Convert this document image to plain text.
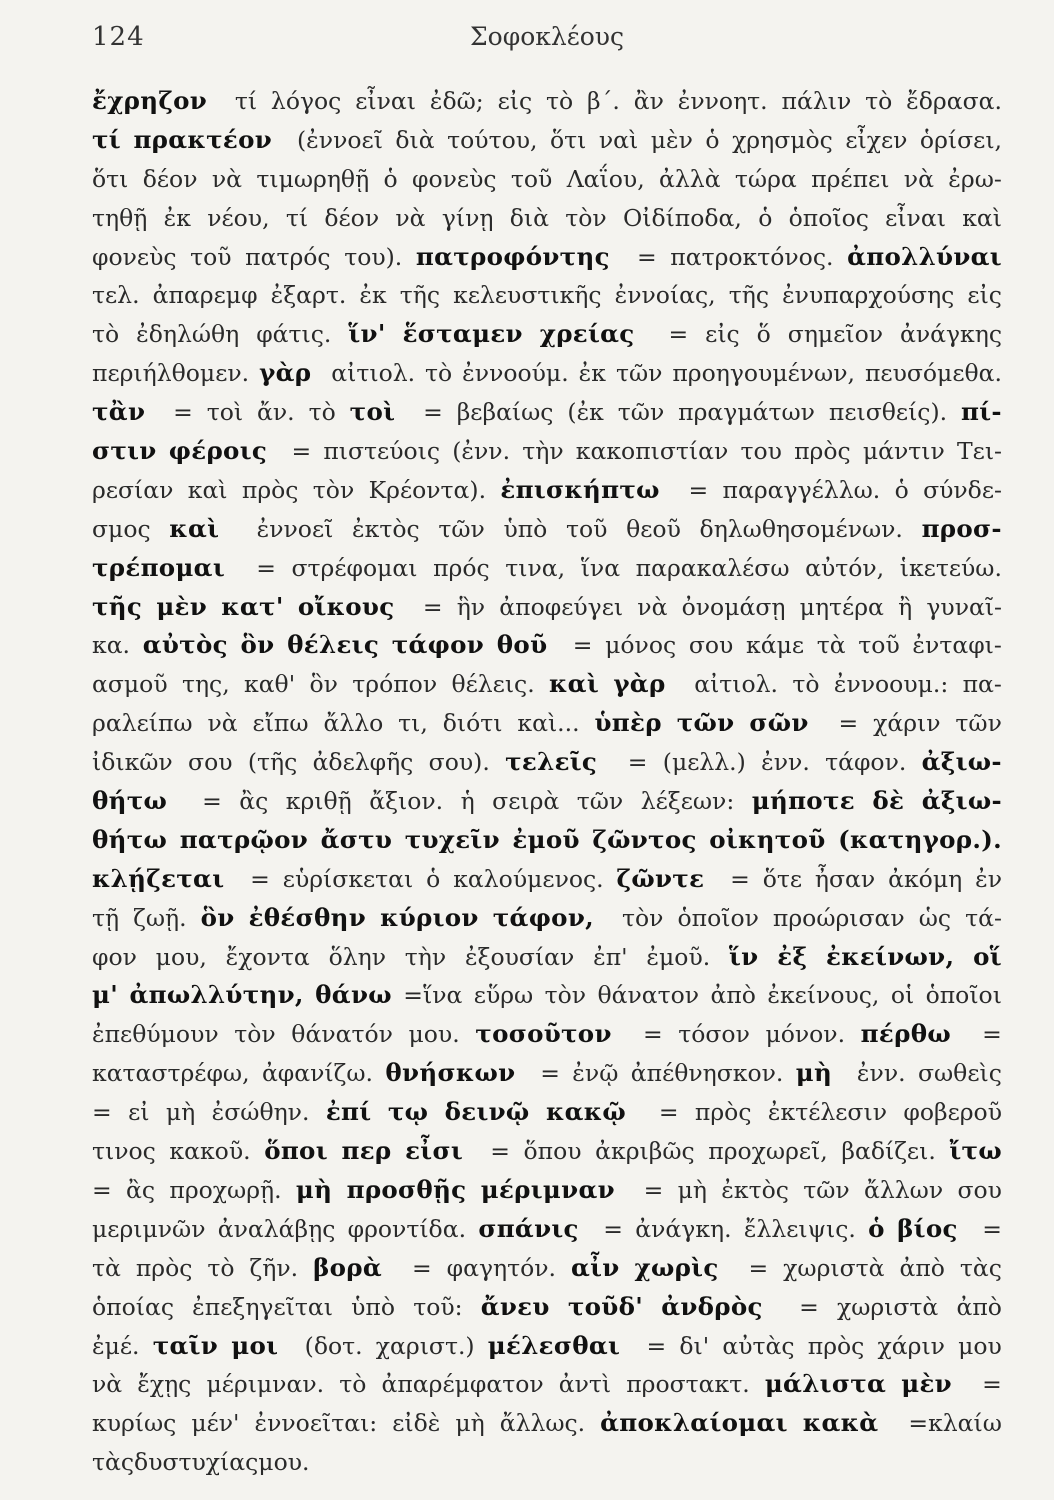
124	Σοφοκλέους
ἔχρηζον τί λόγος εἶναι ἐδῶ; εἰς τὸ β΄. ἂν ἐννοητ. πάλιν τὸ ἔδρασα.
τί πρακτέον (ἐννοεῖ διὰ τούτου, ὅτι ναὶ μὲν ὁ χρησμὸς εἶχεν ὁρίσει,
ὅτι δέον νὰ τιμωρηθῇ ὁ φονεὺς τοῦ Λαΐου, ἀλλὰ τώρα πρέπει νὰ ἐρω-
τηθῇ ἐκ νέου, τί δέον νὰ γίνῃ διὰ τὸν Οἰδίποδα, ὁ ὁποῖος εἶναι καὶ
φονεὺς τοῦ πατρός του). πατροφόντης = πατροκτόνος. ἀπολλύναι
τελ. ἀπαρεμφ ἐξαρτ. ἐκ τῆς κελευστικῆς ἐννοίας, τῆς ἐνυπαρχούσης εἰς
τὸ ἐδηλώθη φάτις. ἵν' ἕσταμεν χρείας = εἰς ὅ σημεῖον ἀνάγκης
περιήλθομεν. γὰρ αἰτιολ. τὸ ἐννοούμ. ἐκ τῶν προηγουμένων, πευσόμεθα.
τἂν = τοὶ ἄν. τὸ τοὶ = βεβαίως (ἐκ τῶν πραγμάτων πεισθείς). πί-
στιν φέροις = πιστεύοις (ἐνν. τὴν κακοπιστίαν του πρὸς μάντιν Τει-
ρεσίαν καὶ πρὸς τὸν Κρέοντα). ἐπισκήπτω = παραγγέλλω. ὁ σύνδε-
σμος καὶ ἐννοεῖ ἐκτὸς τῶν ὑπὸ τοῦ θεοῦ δηλωθησομένων. προσ-
τρέπομαι = στρέφομαι πρός τινα, ἵνα παρακαλέσω αὐτόν, ἱκετεύω.
τῆς μὲν κατ' οἴκους = ἣν ἀποφεύγει νὰ ὀνομάσῃ μητέρα ἢ γυναῖ-
κα. αὐτὸς ὃν θέλεις τάφον θοῦ = μόνος σου κάμε τὰ τοῦ ἐνταφι-
ασμοῦ της, καθ' ὃν τρόπον θέλεις. καὶ γὰρ αἰτιολ. τὸ ἐννοουμ.: πα-
ραλείπω νὰ εἴπω ἄλλο τι, διότι καὶ... ὑπὲρ τῶν σῶν = χάριν τῶν
ἰδικῶν σου (τῆς ἀδελφῆς σου). τελεῖς = (μελλ.) ἐνν. τάφον. ἀξιω-
θήτω = ἂς κριθῇ ἄξιον. ἡ σειρὰ τῶν λέξεων: μήποτε δὲ ἀξιω-
θήτω πατρῷον ἄστυ τυχεῖν ἐμοῦ ζῶντος οἰκητοῦ (κατηγορ.).
κλῄζεται = εὑρίσκεται ὁ καλούμενος. ζῶντε = ὅτε ἦσαν ἀκόμη ἐν
τῇ ζωῇ. ὃν ἐθέσθην κύριον τάφον, τὸν ὁποῖον προώρισαν ὡς τά-
φον μου, ἔχοντα ὅλην τὴν ἐξουσίαν ἐπ' ἐμοῦ. ἵν ἐξ ἐκείνων, οἵ
μ' ἀπωλλύτην, θάνω =ἵνα εὕρω τὸν θάνατον ἀπὸ ἐκείνους, οἱ ὁποῖοι
ἐπεθύμουν τὸν θάνατόν μου. τοσοῦτον = τόσον μόνον. πέρθω =
καταστρέφω, ἀφανίζω. θνήσκων = ἐνῷ ἀπέθνησκον. μὴ ἐνν. σωθεὶς
= εἰ μὴ ἐσώθην. ἐπί τῳ δεινῷ κακῷ = πρὸς ἐκτέλεσιν φοβεροῦ
τινος κακοῦ. ὅποι περ εἶσι = ὅπου ἀκριβῶς προχωρεῖ, βαδίζει. ἴτω
= ἂς προχωρῇ. μὴ προσθῇς μέριμναν = μὴ ἐκτὸς τῶν ἄλλων σου
μεριμνῶν ἀναλάβῃς φροντίδα. σπάνις = ἀνάγκη. ἔλλειψις. ὁ βίος =
τὰ πρὸς τὸ ζῆν. βορὰ = φαγητόν. αἶν χωρὶς = χωριστὰ ἀπὸ τὰς
ὁποίας ἐπεξηγεῖται ὑπὸ τοῦ: ἄνευ τοῦδ' ἀνδρὸς = χωριστὰ ἀπὸ
ἐμέ. ταῖν μοι (δοτ. χαριστ.) μέλεσθαι = δι' αὐτὰς πρὸς χάριν μου
νὰ ἔχῃς μέριμναν. τὸ ἀπαρέμφατον ἀντὶ προστακτ. μάλιστα μὲν =
κυρίως μέν' ἐννοεῖται: εἰδὲ μὴ ἄλλως. ἀποκλαίομαι κακὰ =κλαίω
τὰς δυστυχίας μου.
